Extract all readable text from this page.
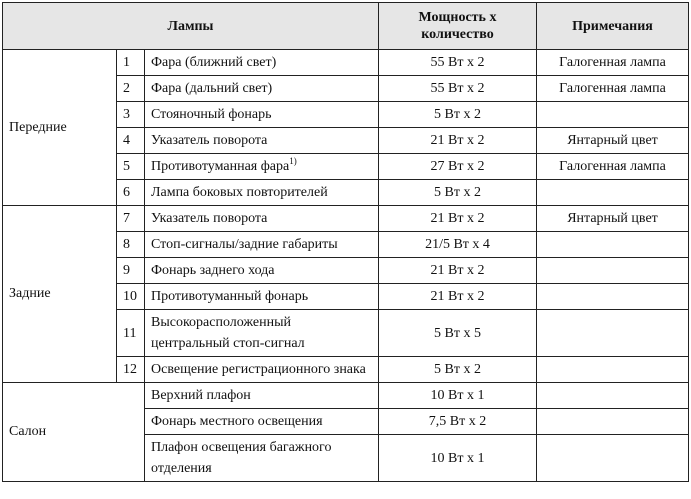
Лампы			Мощность х
количество	Примечания
Передние	1	Фара (ближний свет)	55 Вт х 2	Галогенная лампа
	2	Фара (дальний свет)	55 Вт х 2	Галогенная лампа
	3	Стояночный фонарь	5 Вт х 2	
	4	Указатель поворота	21 Вт х 2	Янтарный цвет
	5	Противотуманная фара$^{1)}$	27 Вт х 2	Галогенная лампа
	6	Лампа боковых повторителей	5 Вт х 2	
Задние	7	Указатель поворота	21 Вт х 2	Янтарный цвет
	8	Стоп-сигналы/задние габариты	21/5 Вт х 4	
	9	Фонарь заднего хода	21 Вт х 2	
	10	Противотуманный фонарь	21 Вт х 2	
	11	Высокорасположенный
центральный стоп-сигнал	5 Вт х 5	
	12	Освещение регистрационного знака	5 Вт х 2	
Салон		Верхний плафон	10 Вт х 1	
		Фонарь местного освещения	7,5 Вт х 2	

		Плафон освещения багажного
отделения	10 Вт х 1	
